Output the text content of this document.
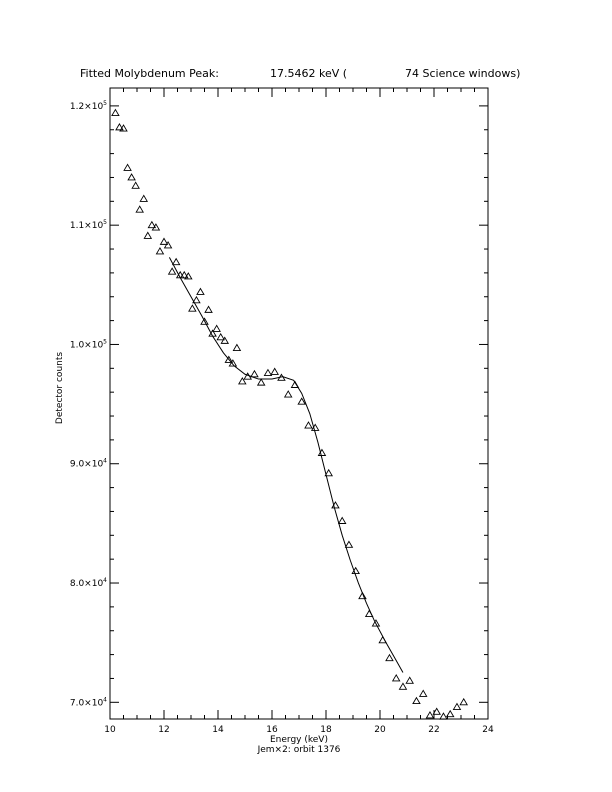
Fitted Molybdenum Peak:	17.5462 keV (	74 Science windows)
10	12	14	16	18	20	22	24
$7.0\times 10^4$
$8.0\times 10^4$
$9.0\times 10^4$
$1.0\times 10^5$
$1.1\times 10^5$
$1.2\times 10^5$
Energy (keV)
Jem×2: orbit 1376
Detector counts
